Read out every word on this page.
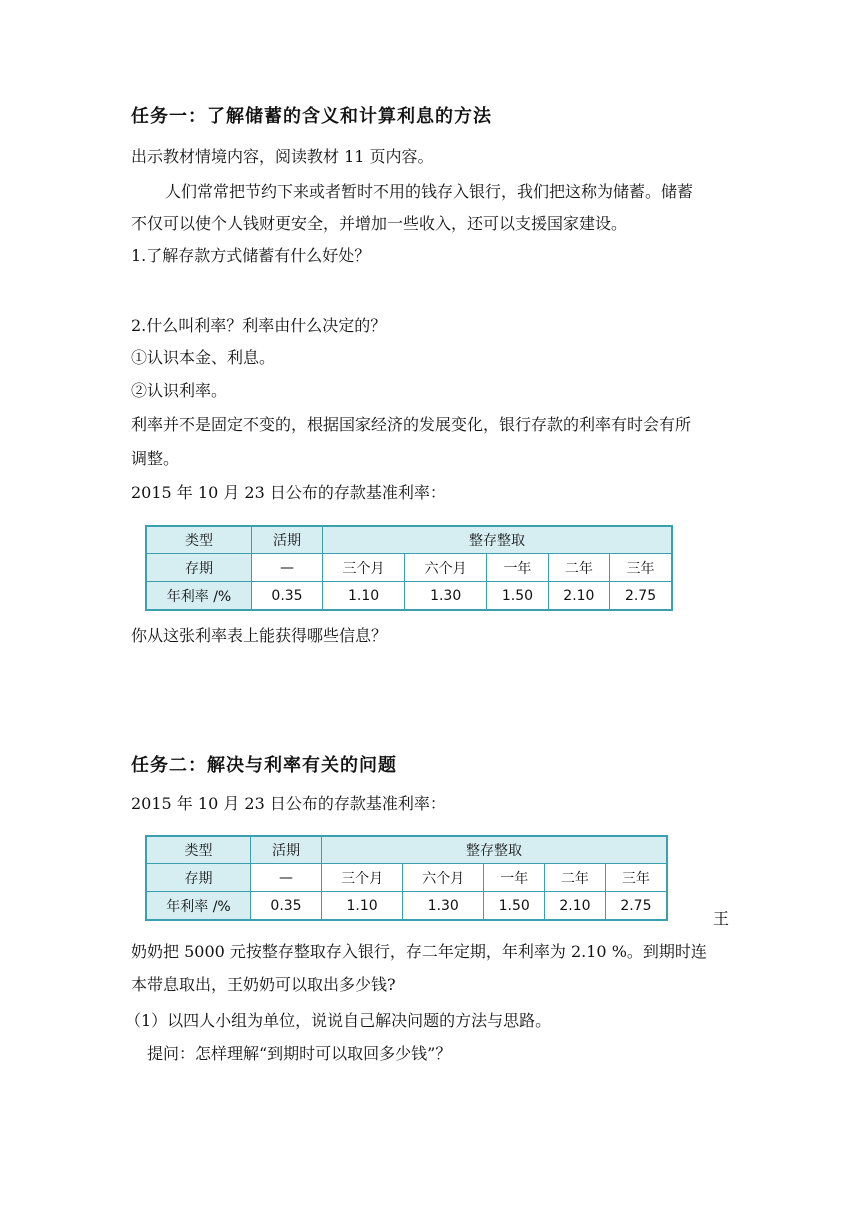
任务一：了解储蓄的含义和计算利息的方法
出示教材情境内容，阅读教材 11 页内容。
人们常常把节约下来或者暂时不用的钱存入银行，我们把这称为储蓄。储蓄
不仅可以使个人钱财更安全，并增加一些收入，还可以支援国家建设。
1.了解存款方式储蓄有什么好处？
2.什么叫利率？利率由什么决定的？
①认识本金、利息。
②认识利率。
利率并不是固定不变的，根据国家经济的发展变化，银行存款的利率有时会有所
调整。
2015 年 10 月 23 日公布的存款基准利率：
类型	活期	整存整取				
存期	—	三个月	六个月	一年	二年	三年
年利率 /%	0.35	1.10	1.30	1.50	2.10	2.75
你从这张利率表上能获得哪些信息？
任务二：解决与利率有关的问题
2015 年 10 月 23 日公布的存款基准利率：
类型	活期	整存整取				
存期	—	三个月	六个月	一年	二年	三年
年利率 /%	0.35	1.10	1.30	1.50	2.10	2.75
王
奶奶把 5000 元按整存整取存入银行，存二年定期，年利率为 2.10 %。到期时连
本带息取出，王奶奶可以取出多少钱?
（1）以四人小组为单位，说说自己解决问题的方法与思路。
提问：怎样理解“到期时可以取回多少钱”？
